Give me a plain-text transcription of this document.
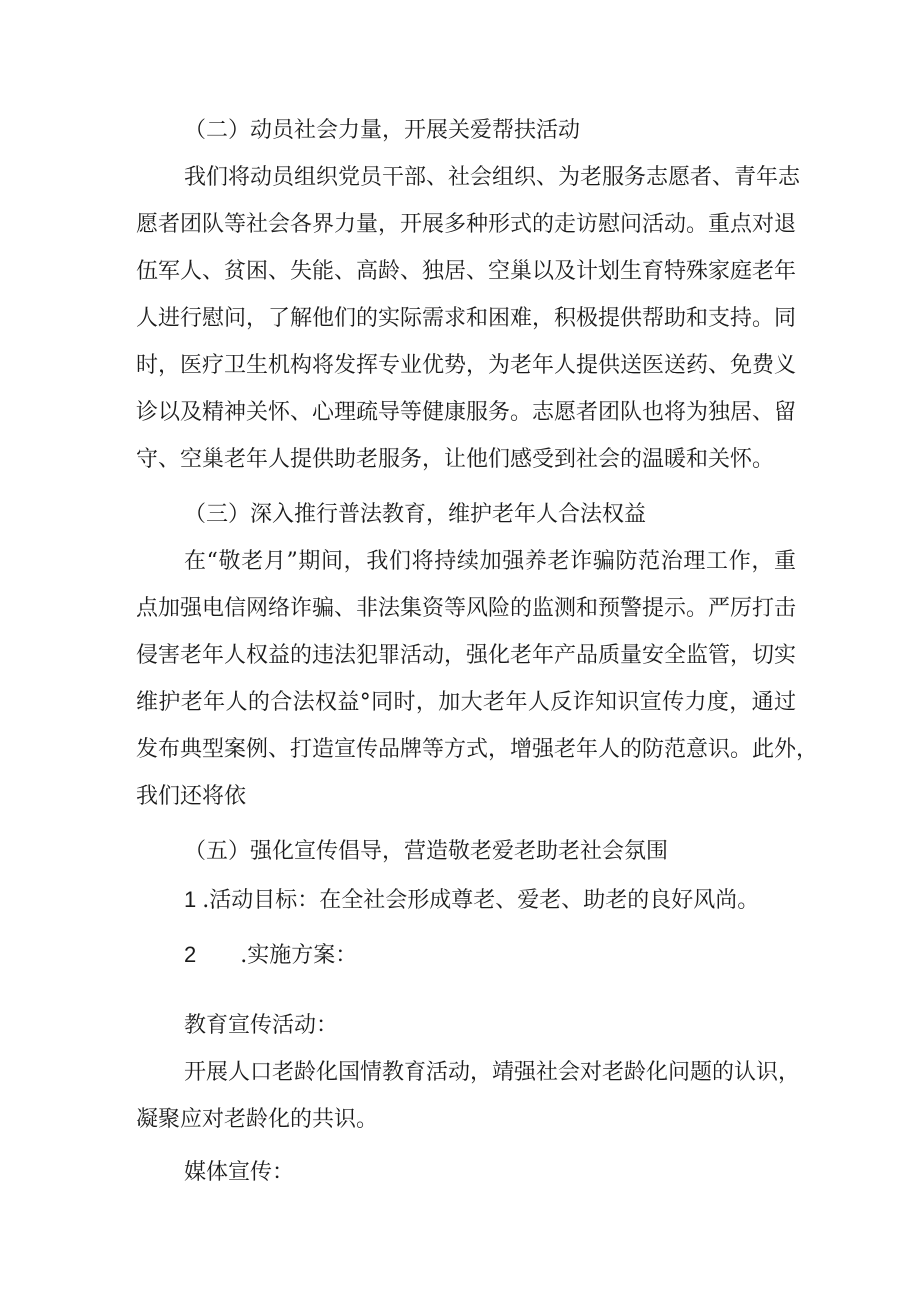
（二）动员社会力量，开展关爱帮扶活动
我们将动员组织党员干部、社会组织、为老服务志愿者、青年志
愿者团队等社会各界力量，开展多种形式的走访慰问活动。重点对退
伍军人、贫困、失能、高龄、独居、空巢以及计划生育特殊家庭老年
人进行慰问，了解他们的实际需求和困难，积极提供帮助和支持。同
时，医疗卫生机构将发挥专业优势，为老年人提供送医送药、免费义
诊以及精神关怀、心理疏导等健康服务。志愿者团队也将为独居、留
守、空巢老年人提供助老服务，让他们感受到社会的温暖和关怀。
（三）深入推行普法教育，维护老年人合法权益
在“敬老月”期间，我们将持续加强养老诈骗防范治理工作，重
点加强电信网络诈骗、非法集资等风险的监测和预警提示。严厉打击
侵害老年人权益的违法犯罪活动，强化老年产品质量安全监管，切实
维护老年人的合法权益°同时，加大老年人反诈知识宣传力度，通过
发布典型案例、打造宣传品牌等方式，增强老年人的防范意识。此外，
我们还将依
（五）强化宣传倡导，营造敬老爱老助老社会氛围
1 .活动目标：在全社会形成尊老、爱老、助老的良好风尚。
2 .实施方案：
教育宣传活动：
开展人口老龄化国情教育活动，靖强社会对老龄化问题的认识，
凝聚应对老龄化的共识。
媒体宣传：
